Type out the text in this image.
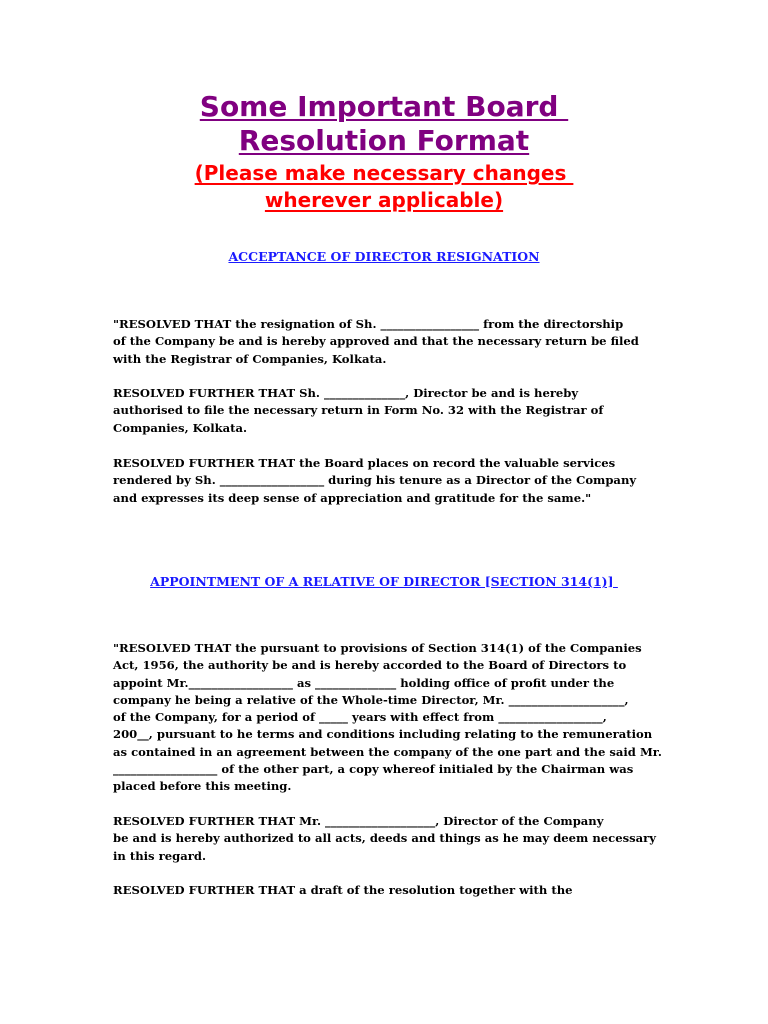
Some Important Board
Resolution Format
(Please make necessary changes
wherever applicable)
ACCEPTANCE OF DIRECTOR RESIGNATION
"RESOLVED THAT the resignation of Sh. _________________ from the directorship
of the Company be and is hereby approved and that the necessary return be filed
with the Registrar of Companies, Kolkata.
RESOLVED FURTHER THAT Sh. ______________, Director be and is hereby
authorised to file the necessary return in Form No. 32 with the Registrar of
Companies, Kolkata.
RESOLVED FURTHER THAT the Board places on record the valuable services
rendered by Sh. __________________ during his tenure as a Director of the Company
and expresses its deep sense of appreciation and gratitude for the same."
APPOINTMENT OF A RELATIVE OF DIRECTOR [SECTION 314(1)]
"RESOLVED THAT the pursuant to provisions of Section 314(1) of the Companies
Act, 1956, the authority be and is hereby accorded to the Board of Directors to
appoint Mr.__________________ as ______________ holding office of profit under the
company he being a relative of the Whole-time Director, Mr. ____________________,
of the Company, for a period of _____ years with effect from __________________,
200__, pursuant to he terms and conditions including relating to the remuneration
as contained in an agreement between the company of the one part and the said Mr.
__________________ of the other part, a copy whereof initialed by the Chairman was
placed before this meeting.
RESOLVED FURTHER THAT Mr. ___________________, Director of the Company
be and is hereby authorized to all acts, deeds and things as he may deem necessary
in this regard.
RESOLVED FURTHER THAT a draft of the resolution together with the
